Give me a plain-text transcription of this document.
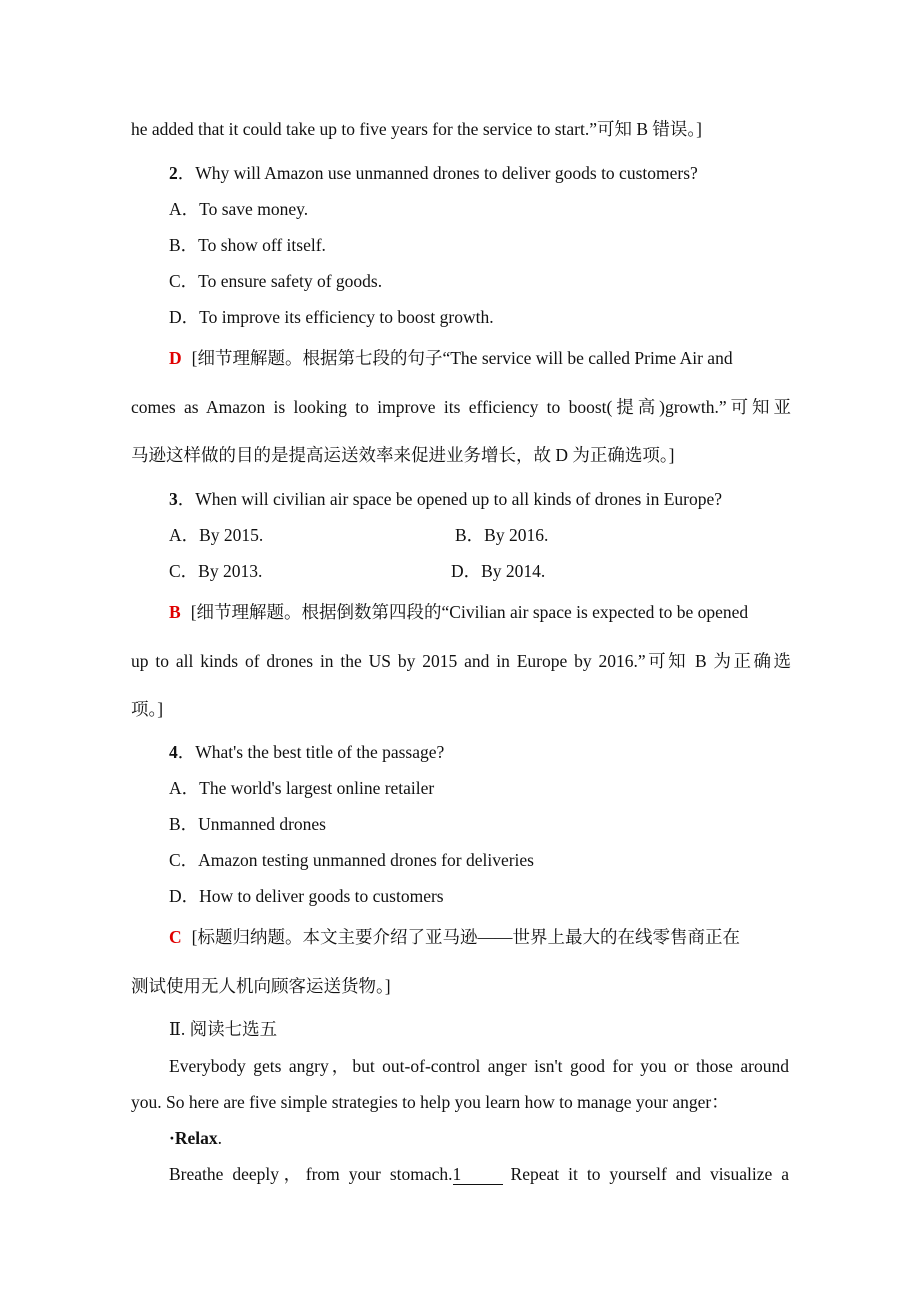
he added that it could take up to five years for the service to start.”可知 B 错误。]
2．Why will Amazon use unmanned drones to deliver goods to customers?
A．To save money.
B．To show off itself.
C．To ensure safety of goods.
D．To improve its efficiency to boost growth.
D [细节理解题。根据第七段的句子“The service will be called Prime Air and
comes as Amazon is looking to improve its efficiency to boost(提高)growth.”可知亚
马逊这样做的目的是提高运送效率来促进业务增长，故 D 为正确选项。]
3．When will civilian air space be opened up to all kinds of drones in Europe?
A．By 2015.	B．By 2016.
C．By 2013.	D．By 2014.
B [细节理解题。根据倒数第四段的“Civilian air space is expected to be opened
up to all kinds of drones in the US by 2015 and in Europe by 2016.”可知 B 为正确选
项。]
4．What's the best title of the passage?
A．The world's largest online retailer
B．Unmanned drones
C．Amazon testing unmanned drones for deliveries
D．How to deliver goods to customers
C [标题归纳题。本文主要介绍了亚马逊——世界上最大的在线零售商正在
测试使用无人机向顾客运送货物。]
Ⅱ. 阅读七选五
Everybody gets angry，but out-of-control anger isn't good for you or those around
you. So here are five simple strategies to help you learn how to manage your anger：
·Relax.
Breathe deeply，from your stomach.1	Repeat it to yourself and visualize a
